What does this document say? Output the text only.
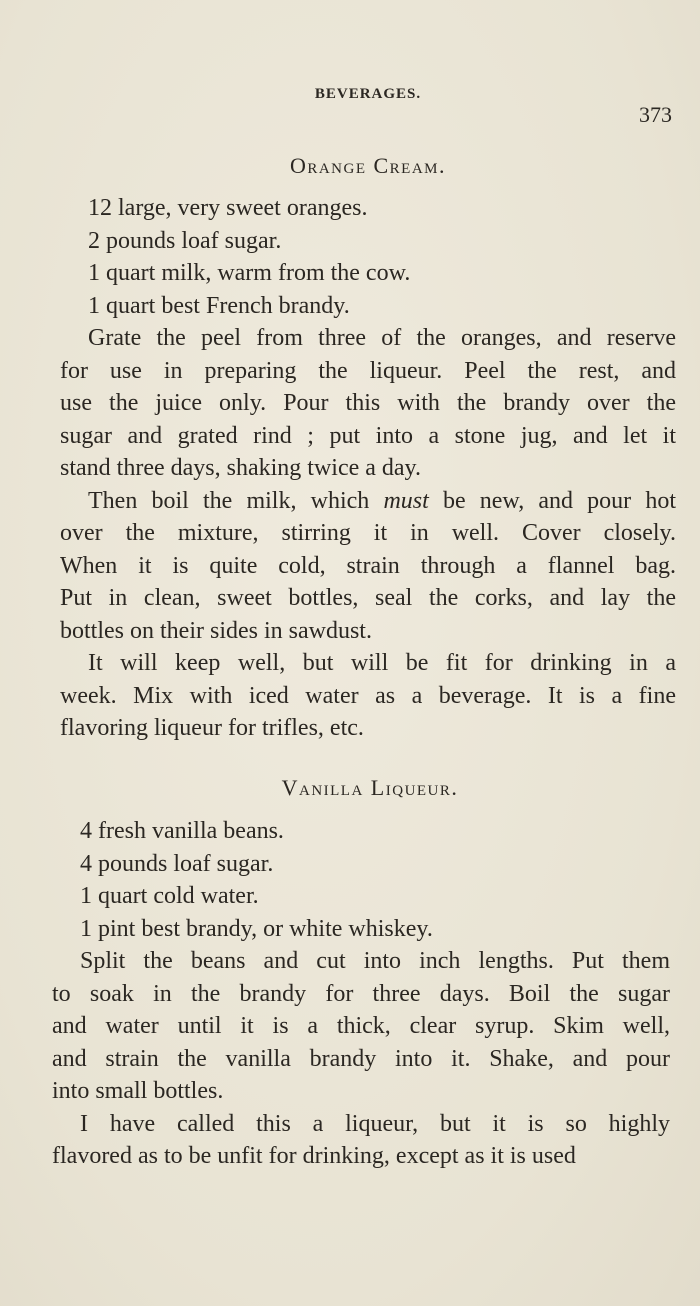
BEVERAGES.
373
Orange Cream.
12 large, very sweet oranges.
2 pounds loaf sugar.
1 quart milk, warm from the cow.
1 quart best French brandy.
Grate the peel from three of the oranges, and reserve
for use in preparing the liqueur. Peel the rest, and
use the juice only. Pour this with the brandy over the
sugar and grated rind ; put into a stone jug, and let it
stand three days, shaking twice a day.
Then boil the milk, which must be new, and pour hot
over the mixture, stirring it in well. Cover closely.
When it is quite cold, strain through a flannel bag.
Put in clean, sweet bottles, seal the corks, and lay the
bottles on their sides in sawdust.
It will keep well, but will be fit for drinking in a
week. Mix with iced water as a beverage. It is a fine
flavoring liqueur for trifles, etc.
Vanilla Liqueur.
4 fresh vanilla beans.
4 pounds loaf sugar.
1 quart cold water.
1 pint best brandy, or white whiskey.
Split the beans and cut into inch lengths. Put them
to soak in the brandy for three days. Boil the sugar
and water until it is a thick, clear syrup. Skim well,
and strain the vanilla brandy into it. Shake, and pour
into small bottles.
I have called this a liqueur, but it is so highly
flavored as to be unfit for drinking, except as it is used
